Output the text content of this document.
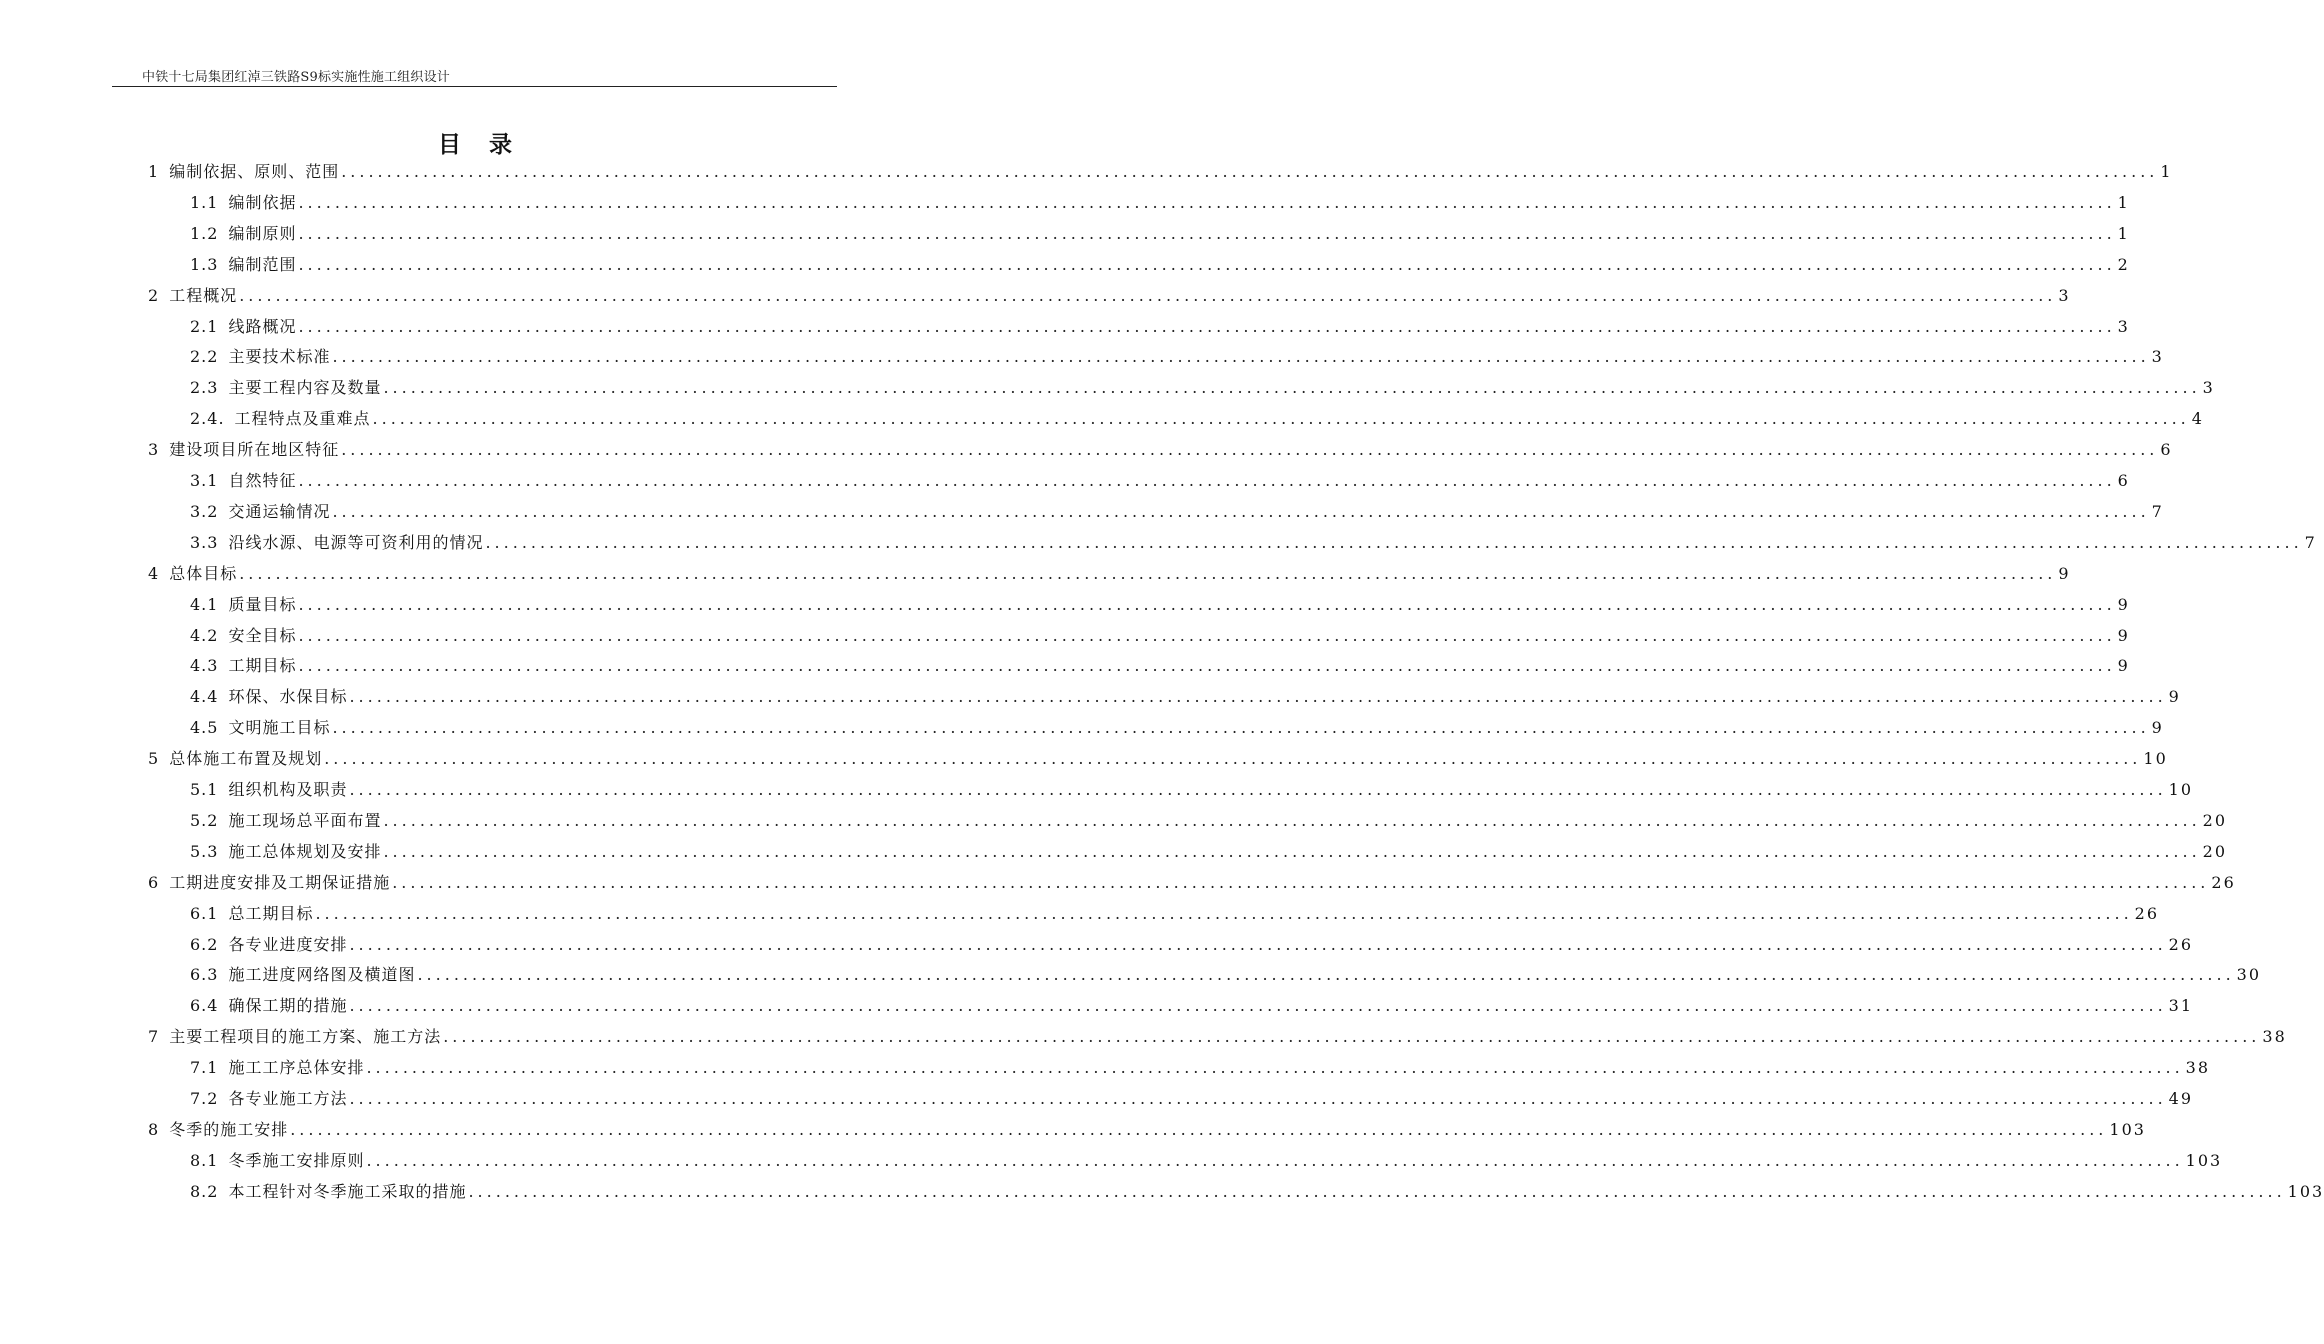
中铁十七局集团红淖三铁路S9标实施性施工组织设计
目 录
1 编制依据、原则、范围 ........................................................................................................................................................................................................ 1
1.1 编制依据 ........................................................................................................................................................................................................ 1
1.2 编制原则 ........................................................................................................................................................................................................ 1
1.3 编制范围 ........................................................................................................................................................................................................ 2
2 工程概况 ........................................................................................................................................................................................................ 3
2.1 线路概况 ........................................................................................................................................................................................................ 3
2.2 主要技术标准 ........................................................................................................................................................................................................ 3
2.3 主要工程内容及数量 ........................................................................................................................................................................................................ 3
2.4. 工程特点及重难点 ........................................................................................................................................................................................................ 4
3 建设项目所在地区特征 ........................................................................................................................................................................................................ 6
3.1 自然特征 ........................................................................................................................................................................................................ 6
3.2 交通运输情况 ........................................................................................................................................................................................................ 7
3.3 沿线水源、电源等可资利用的情况 ........................................................................................................................................................................................................ 7
4 总体目标 ........................................................................................................................................................................................................ 9
4.1 质量目标 ........................................................................................................................................................................................................ 9
4.2 安全目标 ........................................................................................................................................................................................................ 9
4.3 工期目标 ........................................................................................................................................................................................................ 9
4.4 环保、水保目标 ........................................................................................................................................................................................................ 9
4.5 文明施工目标 ........................................................................................................................................................................................................ 9
5 总体施工布置及规划 ........................................................................................................................................................................................................ 10
5.1 组织机构及职责 ........................................................................................................................................................................................................ 10
5.2 施工现场总平面布置 ........................................................................................................................................................................................................ 20
5.3 施工总体规划及安排 ........................................................................................................................................................................................................ 20
6 工期进度安排及工期保证措施 ........................................................................................................................................................................................................ 26
6.1 总工期目标 ........................................................................................................................................................................................................ 26
6.2 各专业进度安排 ........................................................................................................................................................................................................ 26
6.3 施工进度网络图及横道图 ........................................................................................................................................................................................................ 30
6.4 确保工期的措施 ........................................................................................................................................................................................................ 31
7 主要工程项目的施工方案、施工方法 ........................................................................................................................................................................................................ 38
7.1 施工工序总体安排 ........................................................................................................................................................................................................ 38
7.2 各专业施工方法 ........................................................................................................................................................................................................ 49
8 冬季的施工安排 ........................................................................................................................................................................................................ 103
8.1 冬季施工安排原则 ........................................................................................................................................................................................................ 103
8.2 本工程针对冬季施工采取的措施 ........................................................................................................................................................................................................ 103
